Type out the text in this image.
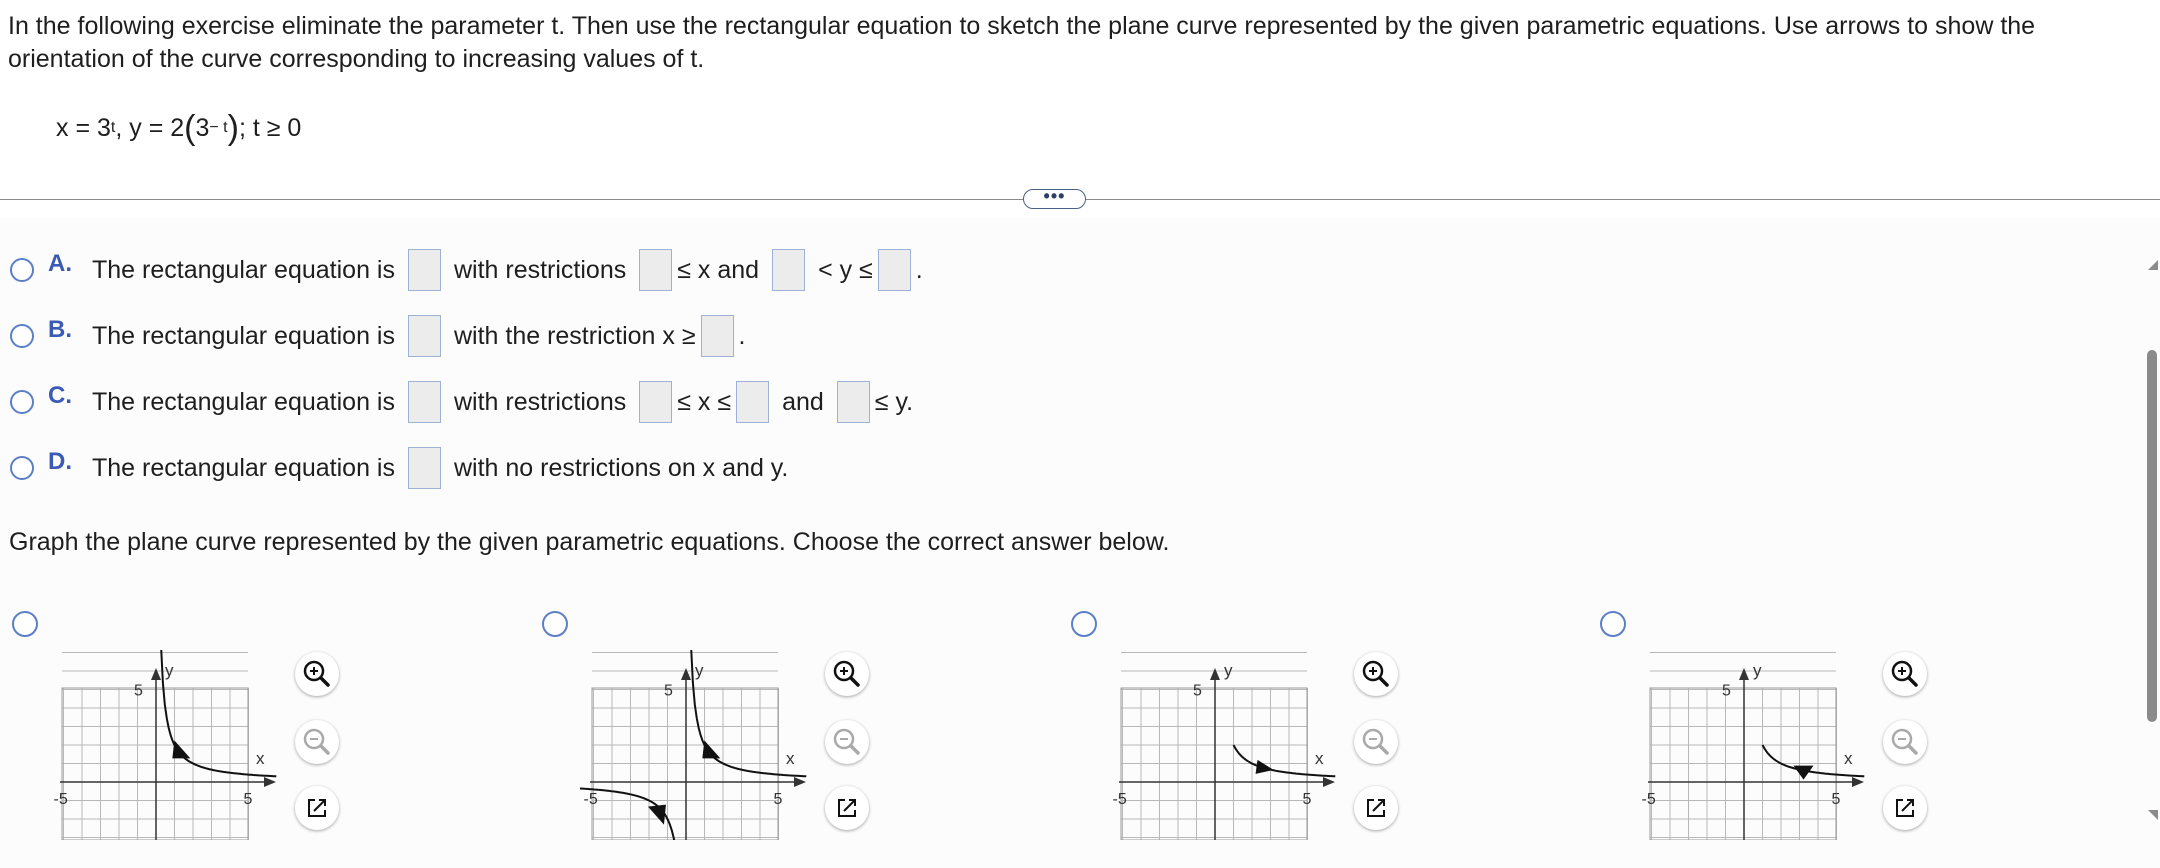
In the following exercise eliminate the parameter t. Then use the rectangular equation to sketch the plane curve represented by the given parametric equations. Use arrows to show the orientation of the curve corresponding to increasing values of t.
$x = 3^t$, $y = 2(3^{- t})$; t ≥ 0
•••
A. The rectangular equation is with restrictions ≤ x and < y ≤ .
B. The rectangular equation is with the restriction x ≥ .
C. The rectangular equation is with restrictions ≤ x ≤ and ≤ y.
D. The rectangular equation is with no restrictions on x and y.
Graph the plane curve represented by the given parametric equations. Choose the correct answer below.
y
x
5
5
-5
y
x
5
5
-5
y
x
5
5
-5
y
x
5
5
-5
